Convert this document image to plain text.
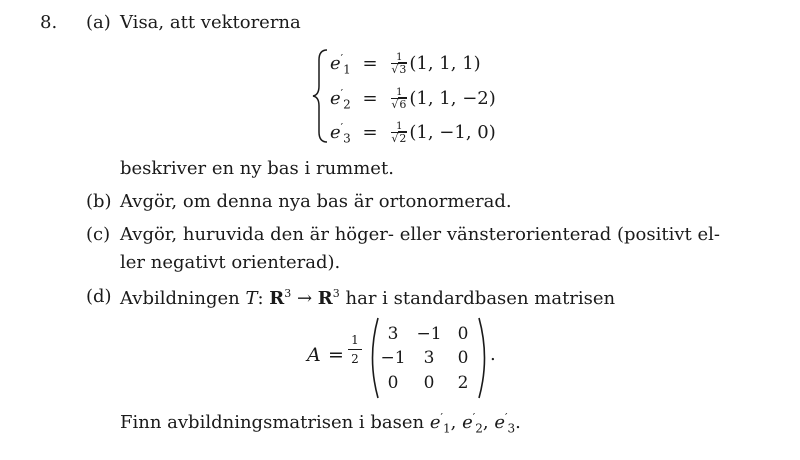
8. (a) Visa, att vektorerna
$e'_1 = \frac{1}{√3} (1$, 1, 1)
$e'_2 = \frac{1}{√6} (1$, 1, −2)
$e'_3 = \frac{1}{√2} (1$, −1, 0)
beskriver en ny bas i rummet.
(b) Avgör, om denna nya bas är ortonormerad.
(c) Avgör, huruvida den är höger- eller vänsterorienterad (positivt el-
ler negativt orienterad).
(d) Avbildningen T: $R^3 \to R^3$ har i standardbasen matrisen
A =
1
2
3	−1 0
−1	3	0
0	0	2
.
Finn avbildningsmatrisen i basen $e'_1$, $e'_2$, $e'_3$.
